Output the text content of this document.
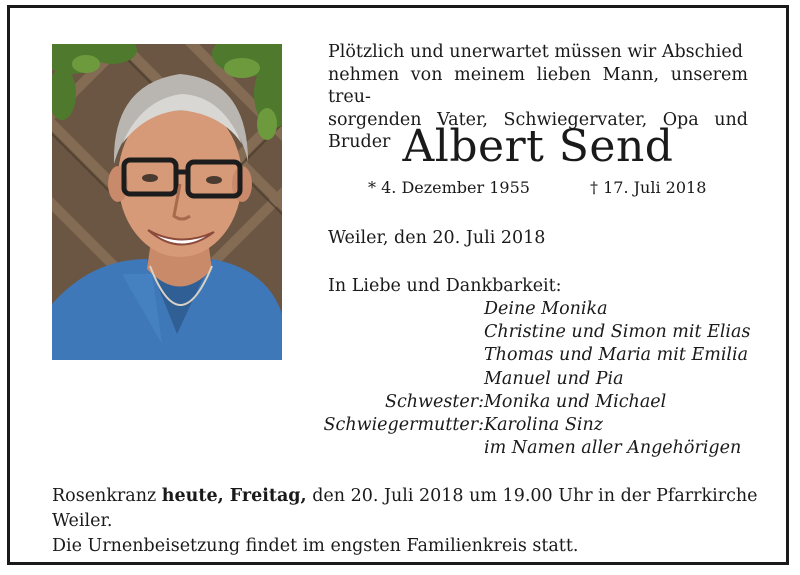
Plötzlich und unerwartet müssen wir Abschied
nehmen von meinem lieben Mann, unserem treu-
sorgenden Vater, Schwiegervater, Opa und Bruder Albert Send
* 4. Dezember 1955	† 17. Juli 2018
Weiler, den 20. Juli 2018
In Liebe und Dankbarkeit:
Deine Monika
Christine und Simon mit Elias
Thomas und Maria mit Emilia
Manuel und Pia
Schwester: Monika und Michael
Schwiegermutter: Karolina Sinz
im Namen aller Angehörigen
Rosenkranz heute, Freitag, den 20. Juli 2018 um 19.00 Uhr in der Pfarrkirche Weiler.
Die Urnenbeisetzung findet im engsten Familienkreis statt.
